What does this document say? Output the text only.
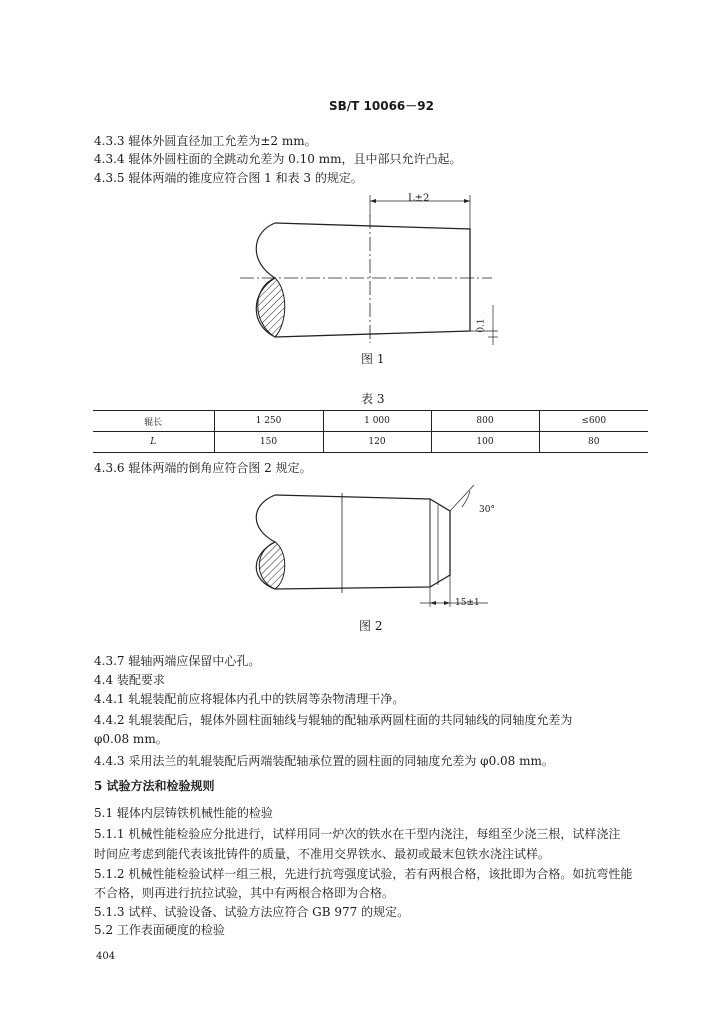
SB/T 10066－92
4.3.3 辊体外圆直径加工允差为±2 mm。
4.3.4 辊体外圆柱面的全跳动允差为 0.10 mm，且中部只允许凸起。
4.3.5 辊体两端的锥度应符合图 1 和表 3 的规定。
L±2
0.1
图 1
表 3
辊长	1 250	1 000	800	≤600
L	150	120	100	80
4.3.6 辊体两端的倒角应符合图 2 规定。
30°
15±1
图 2
4.3.7 辊轴两端应保留中心孔。
4.4 装配要求
4.4.1 轧辊装配前应将辊体内孔中的铁屑等杂物清理干净。
4.4.2 轧辊装配后，辊体外圆柱面轴线与辊轴的配轴承两圆柱面的共同轴线的同轴度允差为
φ0.08 mm。
4.4.3 采用法兰的轧辊装配后两端装配轴承位置的圆柱面的同轴度允差为 φ0.08 mm。
5 试验方法和检验规则
5.1 辊体内层铸铁机械性能的检验
5.1.1 机械性能检验应分批进行，试样用同一炉次的铁水在干型内浇注，每组至少浇三根，试样浇注
时间应考虑到能代表该批铸件的质量，不准用交界铁水、最初或最末包铁水浇注试样。
5.1.2 机械性能检验试样一组三根，先进行抗弯强度试验，若有两根合格，该批即为合格。如抗弯性能
不合格，则再进行抗拉试验，其中有两根合格即为合格。
5.1.3 试样、试验设备、试验方法应符合 GB 977 的规定。
5.2 工作表面硬度的检验
404
